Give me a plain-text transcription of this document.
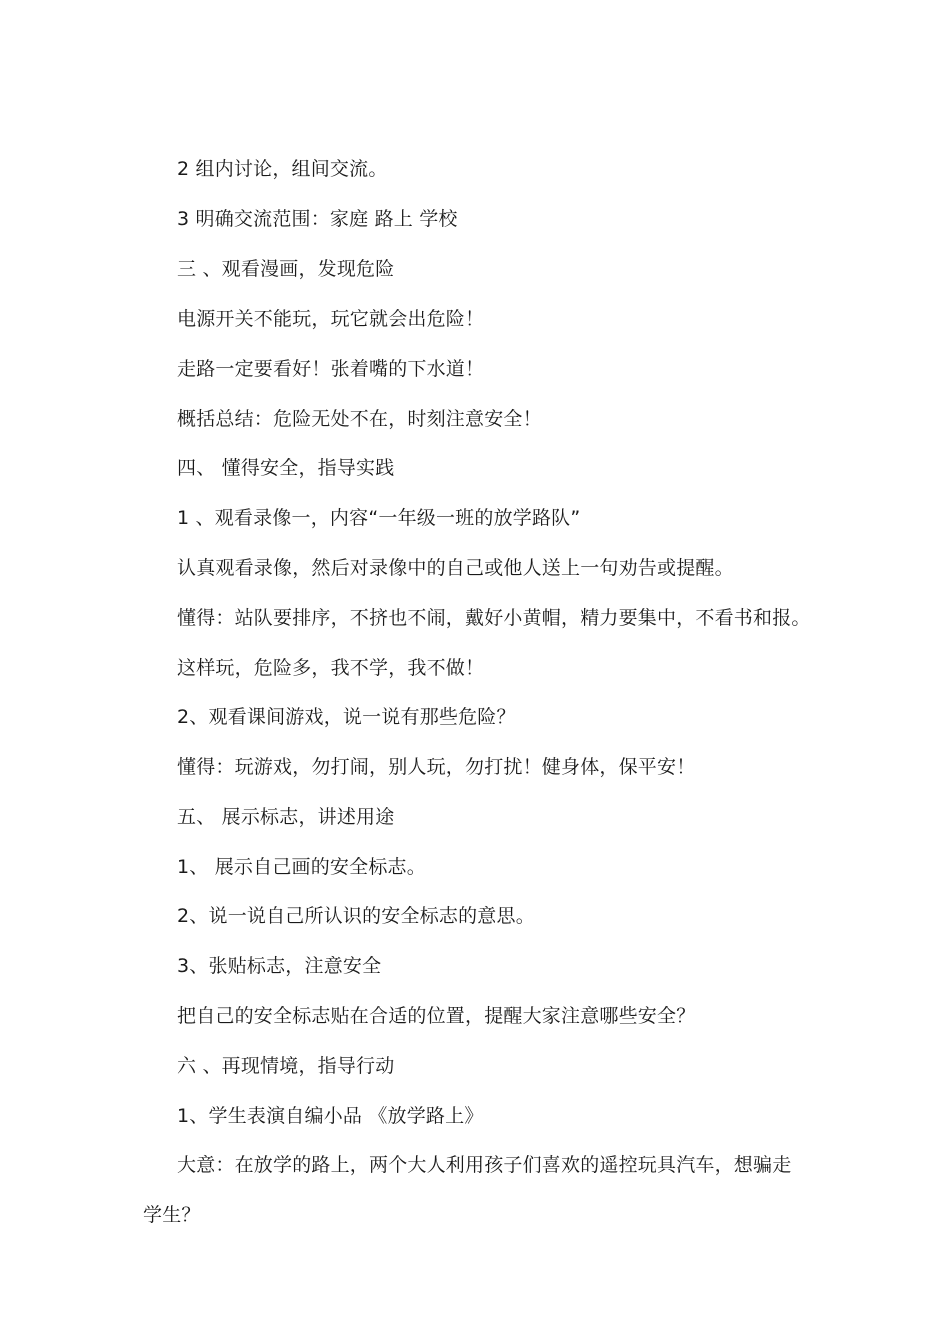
2 组内讨论，组间交流。

3 明确交流范围：家庭 路上 学校

三 、观看漫画，发现危险

电源开关不能玩，玩它就会出危险！

走路一定要看好！张着嘴的下水道！

概括总结：危险无处不在，时刻注意安全！

四、 懂得安全，指导实践

1 、观看录像一，内容“一年级一班的放学路队”

认真观看录像，然后对录像中的自己或他人送上一句劝告或提醒。

懂得：站队要排序，不挤也不闹，戴好小黄帽，精力要集中，不看书和报。

这样玩，危险多，我不学，我不做！

2、观看课间游戏，说一说有那些危险？

懂得：玩游戏，勿打闹，别人玩，勿打扰！健身体，保平安！

五、 展示标志，讲述用途

1、 展示自己画的安全标志。

2、说一说自己所认识的安全标志的意思。

3、张贴标志，注意安全

把自己的安全标志贴在合适的位置，提醒大家注意哪些安全？

六 、再现情境，指导行动

1、学生表演自编小品 《放学路上》

大意：在放学的路上，两个大人利用孩子们喜欢的遥控玩具汽车，想骗走

学生？
